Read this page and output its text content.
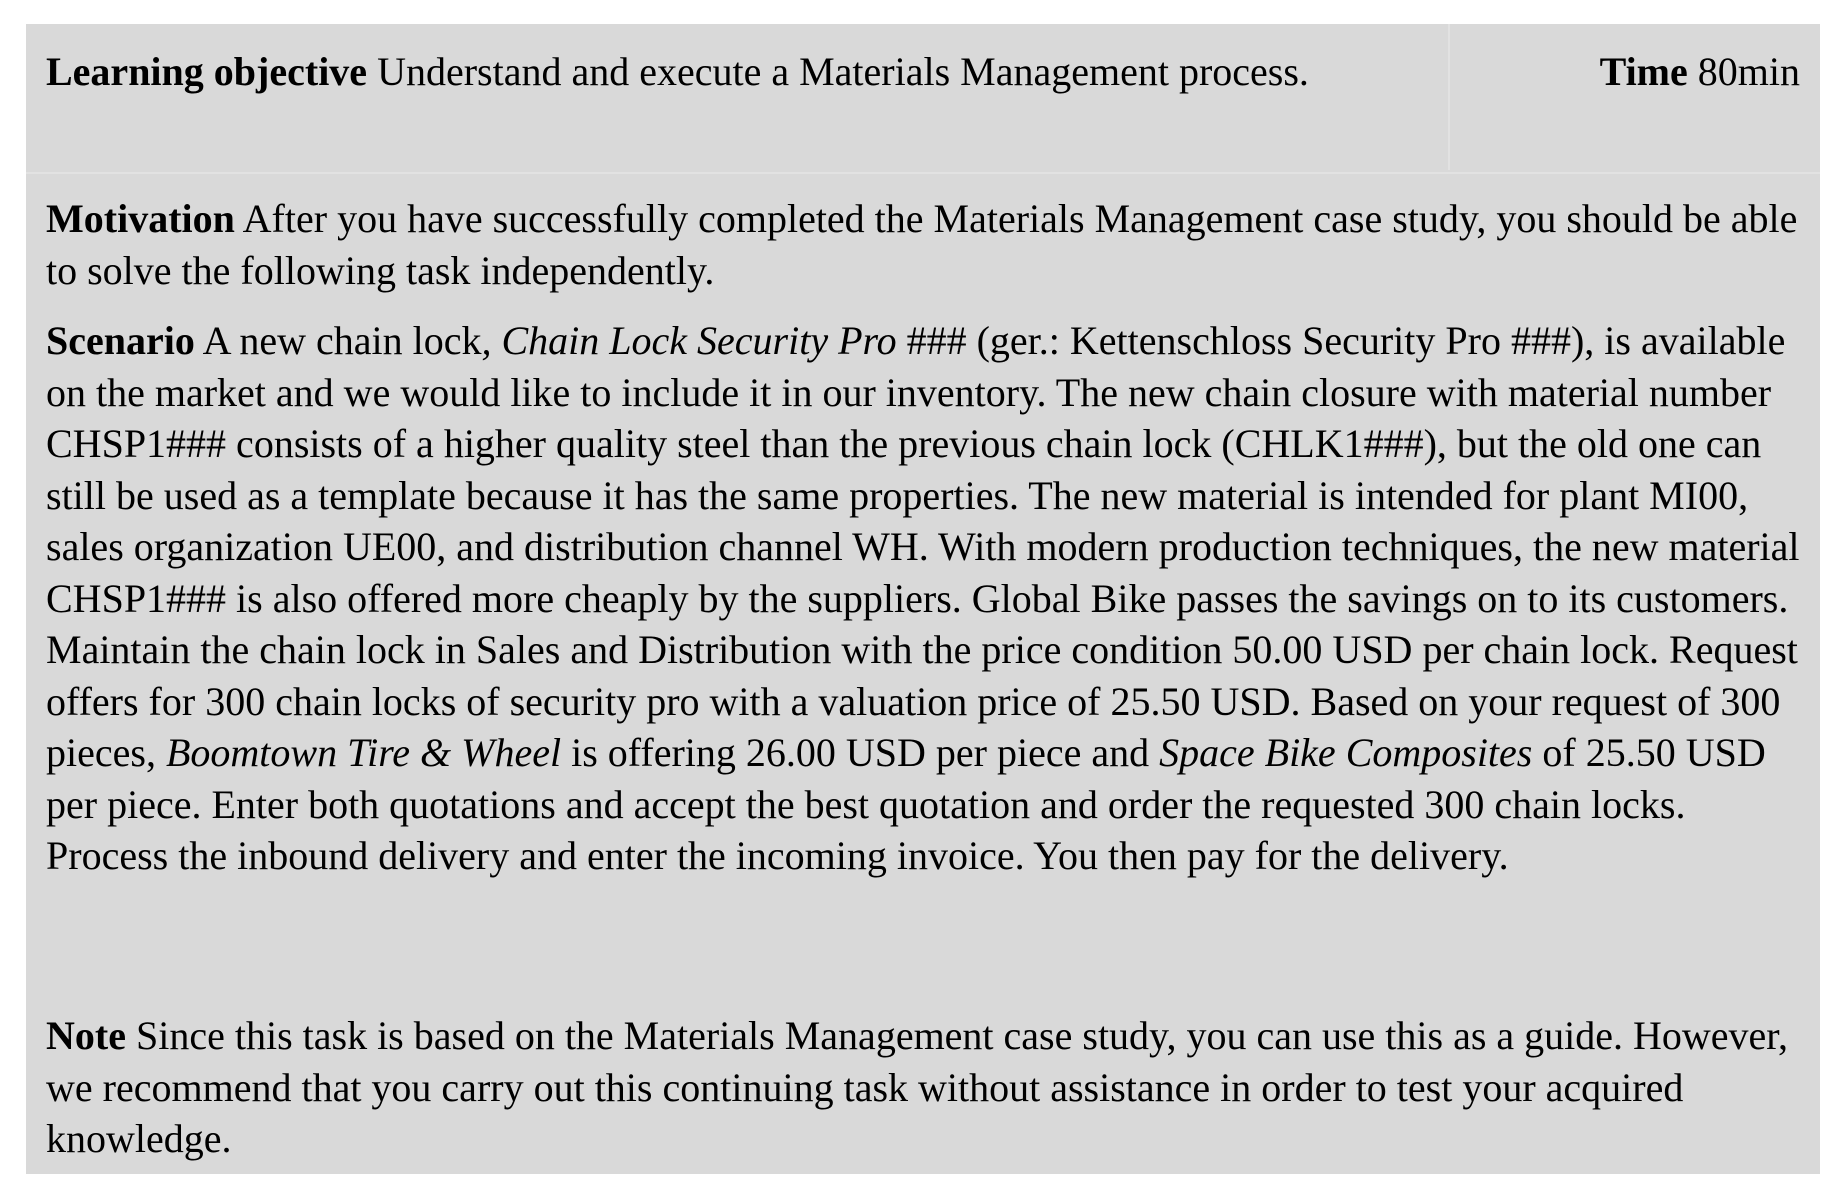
Learning objective Understand and execute a Materials Management process.	Time 80min

Motivation After you have successfully completed the Materials Management case study, you should be able to solve the following task independently.

Scenario A new chain lock, Chain Lock Security Pro ### (ger.: Kettenschloss Security Pro ###), is available on the market and we would like to include it in our inventory. The new chain closure with material number CHSP1### consists of a higher quality steel than the previous chain lock (CHLK1###), but the old one can still be used as a template because it has the same properties. The new material is intended for plant MI00, sales organization UE00, and distribution channel WH. With modern production techniques, the new material CHSP1### is also offered more cheaply by the suppliers. Global Bike passes the savings on to its customers. Maintain the chain lock in Sales and Distribution with the price condition 50.00 USD per chain lock. Request offers for 300 chain locks of security pro with a valuation price of 25.50 USD. Based on your request of 300 pieces, Boomtown Tire & Wheel is offering 26.00 USD per piece and Space Bike Composites of 25.50 USD per piece. Enter both quotations and accept the best quotation and order the requested 300 chain locks. Process the inbound delivery and enter the incoming invoice. You then pay for the delivery.

Note Since this task is based on the Materials Management case study, you can use this as a guide. However, we recommend that you carry out this continuing task without assistance in order to test your acquired knowledge.
